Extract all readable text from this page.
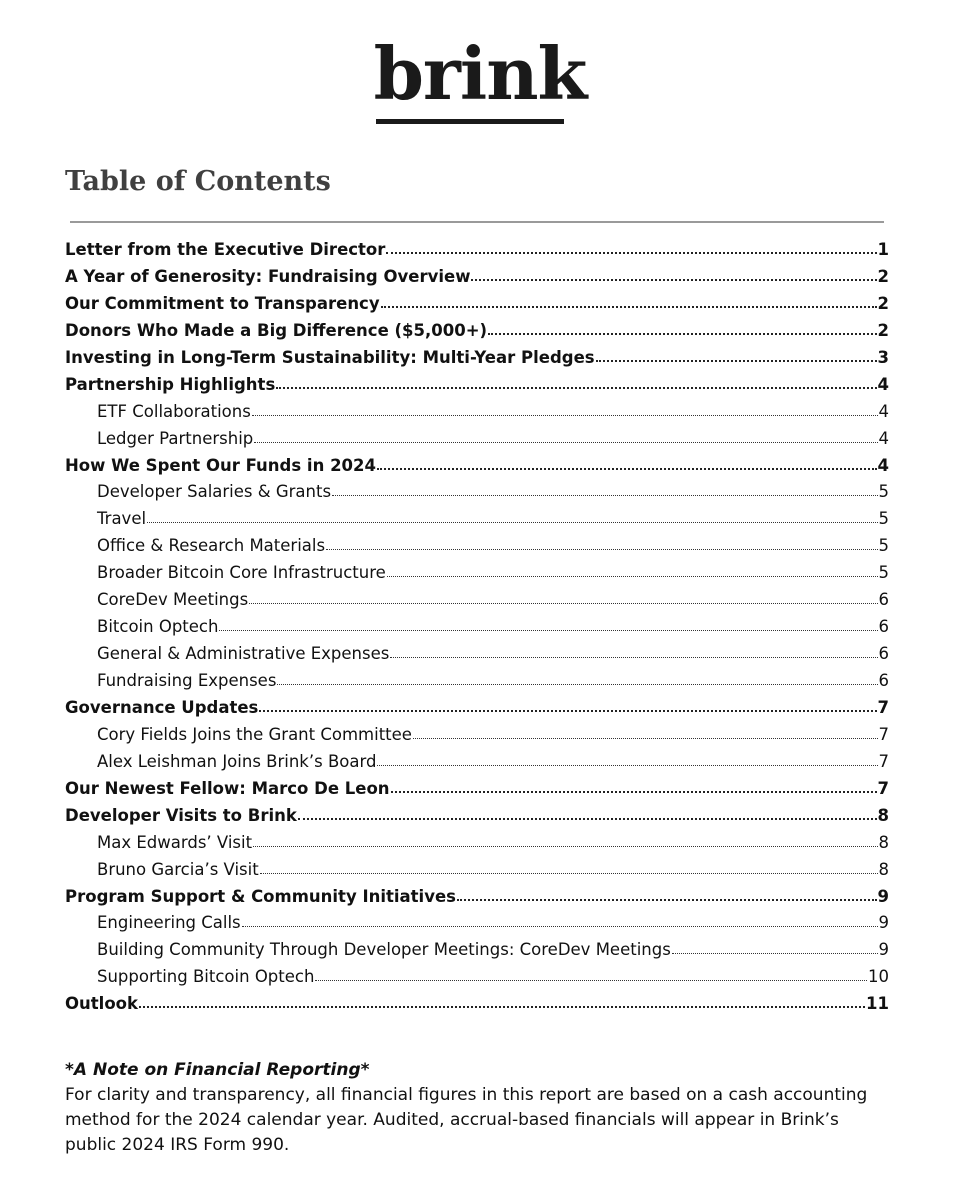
brink
Table of Contents
Letter from the Executive Director	1
A Year of Generosity: Fundraising Overview	2
Our Commitment to Transparency	2
Donors Who Made a Big Difference ($5,000+)	2
Investing in Long-Term Sustainability: Multi-Year Pledges	3
Partnership Highlights	4
ETF Collaborations	4
Ledger Partnership	4
How We Spent Our Funds in 2024	4
Developer Salaries & Grants	5
Travel	5
Office & Research Materials	5
Broader Bitcoin Core Infrastructure	5
CoreDev Meetings	6
Bitcoin Optech	6
General & Administrative Expenses	6
Fundraising Expenses	6
Governance Updates	7
Cory Fields Joins the Grant Committee	7
Alex Leishman Joins Brink’s Board	7
Our Newest Fellow: Marco De Leon	7
Developer Visits to Brink	8
Max Edwards’ Visit	8
Bruno Garcia’s Visit	8
Program Support & Community Initiatives	9
Engineering Calls	9
Building Community Through Developer Meetings: CoreDev Meetings	9
Supporting Bitcoin Optech	10
Outlook	11

*A Note on Financial Reporting*

For clarity and transparency, all financial figures in this report are based on a cash accounting method for the 2024 calendar year. Audited, accrual-based financials will appear in Brink’s public 2024 IRS Form 990.
